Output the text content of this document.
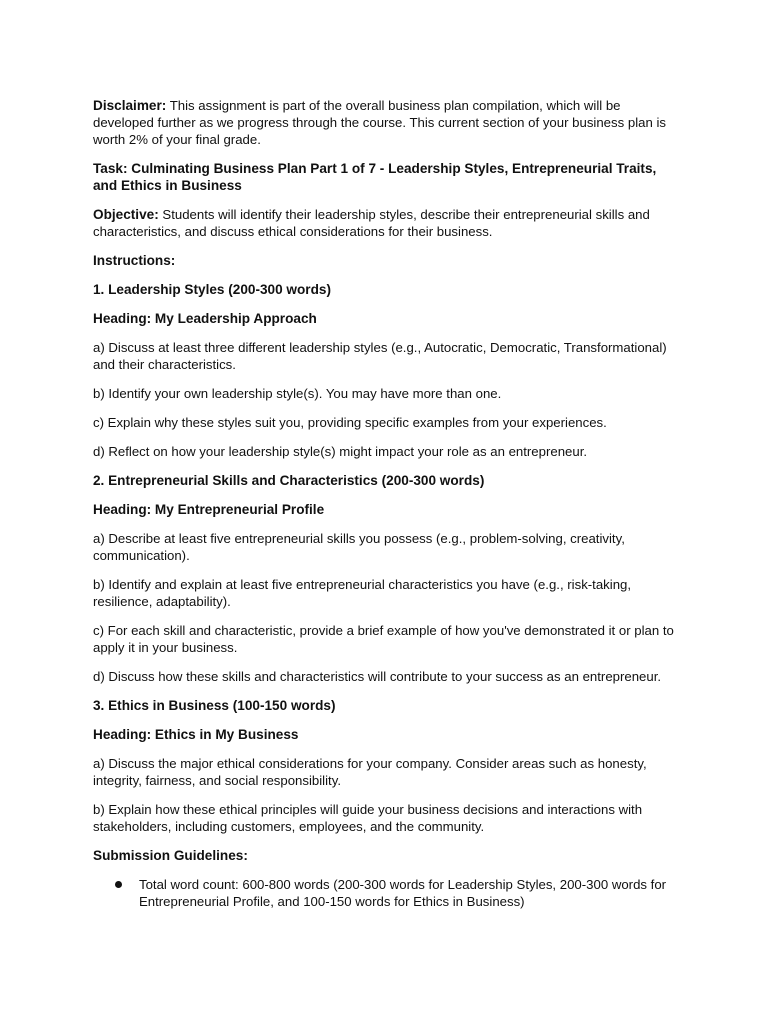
Disclaimer: This assignment is part of the overall business plan compilation, which will be developed further as we progress through the course. This current section of your business plan is worth 2% of your final grade.

Task: Culminating Business Plan Part 1 of 7 - Leadership Styles, Entrepreneurial Traits, and Ethics in Business

Objective: Students will identify their leadership styles, describe their entrepreneurial skills and characteristics, and discuss ethical considerations for their business.

Instructions:

1. Leadership Styles (200-300 words)

Heading: My Leadership Approach

a) Discuss at least three different leadership styles (e.g., Autocratic, Democratic, Transformational) and their characteristics.

b) Identify your own leadership style(s). You may have more than one.

c) Explain why these styles suit you, providing specific examples from your experiences.

d) Reflect on how your leadership style(s) might impact your role as an entrepreneur.

2. Entrepreneurial Skills and Characteristics (200-300 words)

Heading: My Entrepreneurial Profile

a) Describe at least five entrepreneurial skills you possess (e.g., problem-solving, creativity, communication).

b) Identify and explain at least five entrepreneurial characteristics you have (e.g., risk-taking, resilience, adaptability).

c) For each skill and characteristic, provide a brief example of how you've demonstrated it or plan to apply it in your business.

d) Discuss how these skills and characteristics will contribute to your success as an entrepreneur.

3. Ethics in Business (100-150 words)

Heading: Ethics in My Business

a) Discuss the major ethical considerations for your company. Consider areas such as honesty, integrity, fairness, and social responsibility.

b) Explain how these ethical principles will guide your business decisions and interactions with stakeholders, including customers, employees, and the community.

Submission Guidelines:

Total word count: 600-800 words (200-300 words for Leadership Styles, 200-300 words for Entrepreneurial Profile, and 100-150 words for Ethics in Business)
